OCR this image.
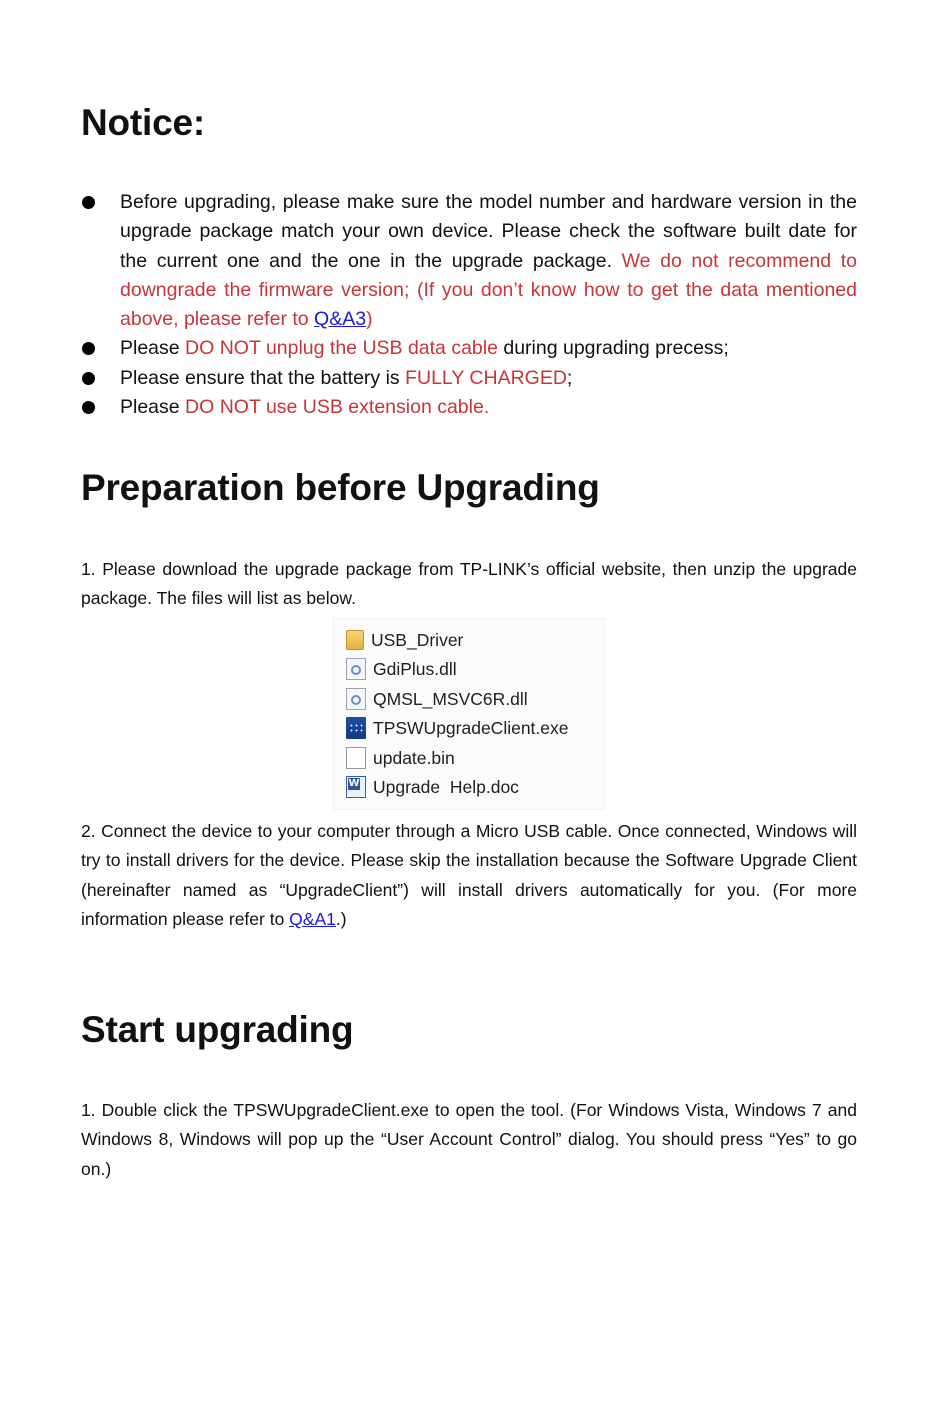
Notice:
Before upgrading, please make sure the model number and hardware version in the upgrade package match your own device. Please check the software built date for the current one and the one in the upgrade package. We do not recommend to downgrade the firmware version; (If you don’t know how to get the data mentioned above, please refer to Q&A3)
Please DO NOT unplug the USB data cable during upgrading precess;
Please ensure that the battery is FULLY CHARGED;
Please DO NOT use USB extension cable.
Preparation before Upgrading

1. Please download the upgrade package from TP-LINK’s official website, then unzip the upgrade package. The files will list as below.

USB_Driver
GdiPlus.dll
QMSL_MSVC6R.dll
TPSWUpgradeClient.exe
update.bin
W
Upgrade  Help.doc

2. Connect the device to your computer through a Micro USB cable. Once connected, Windows will try to install drivers for the device. Please skip the installation because the Software Upgrade Client (hereinafter named as “UpgradeClient”) will install drivers automatically for you. (For more information please refer to Q&A1.)

Start upgrading

1. Double click the TPSWUpgradeClient.exe to open the tool. (For Windows Vista, Windows 7 and Windows 8, Windows will pop up the “User Account Control” dialog. You should press “Yes” to go on.)
